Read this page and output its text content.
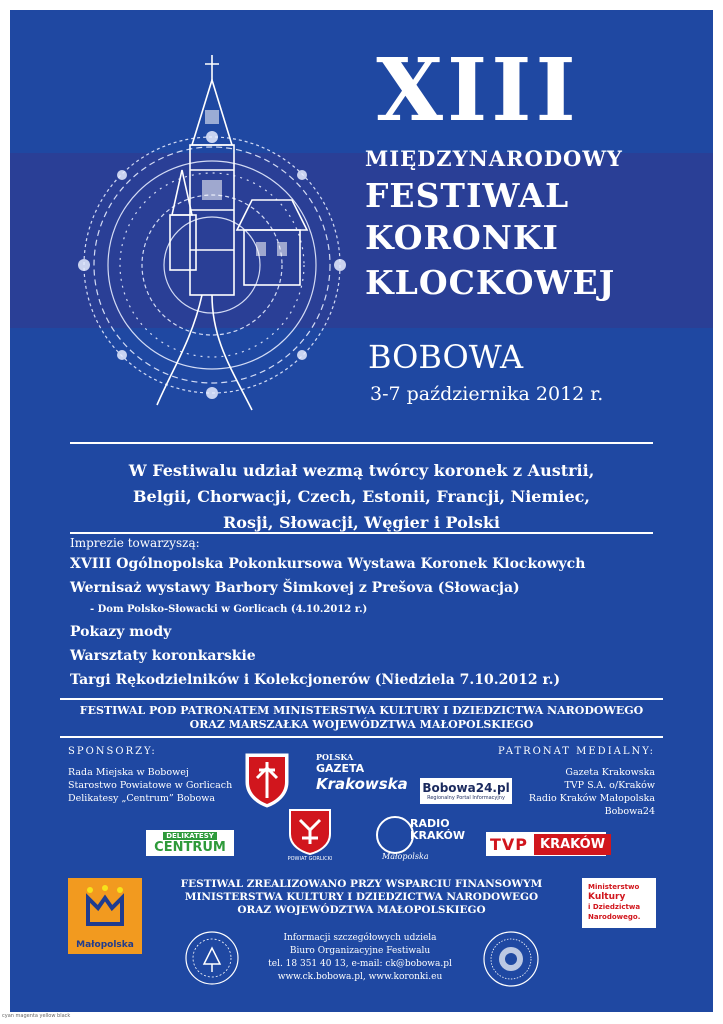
XIII
MIĘDZYNARODOWY
FESTIWAL
KORONKI
KLOCKOWEJ
BOBOWA
3-7 października 2012 r.
W Festiwalu udział wezmą twórcy koronek z Austrii,
Belgii, Chorwacji, Czech, Estonii, Francji, Niemiec,
Rosji, Słowacji, Węgier i Polski
Imprezie towarzyszą:
XVIII Ogólnopolska Pokonkursowa Wystawa Koronek Klockowych
Wernisaż wystawy Barbory Šimkovej z Prešova (Słowacja)
- Dom Polsko-Słowacki w Gorlicach (4.10.2012 r.)
Pokazy mody
Warsztaty koronkarskie
Targi Rękodzielników i Kolekcjonerów (Niedziela 7.10.2012 r.)
FESTIWAL POD PATRONATEM MINISTERSTWA KULTURY I DZIEDZICTWA NARODOWEGO
ORAZ MARSZAŁKA WOJEWÓDZTWA MAŁOPOLSKIEGO
SPONSORZY:
Rada Miejska w Bobowej
Starostwo Powiatowe w Gorlicach
Delikatesy „Centrum” Bobowa
PATRONAT MEDIALNY:
Gazeta Krakowska
TVP S.A. o/Kraków
Radio Kraków Małopolska
Bobowa24
POLSKA
GAZETA
Krakowska Bobowa24.pl
Regionalny Portal Informacyjny
DELIKATESY
CENTRUM
POWIAT GORLICKI
RADIO
KRAKÓW
Małopolska
TVP KRAKÓW
Małopolska
FESTIWAL ZREALIZOWANO PRZY WSPARCIU FINANSOWYM
MINISTERSTWA KULTURY I DZIEDZICTWA NARODOWEGO
ORAZ WOJEWÓDZTWA MAŁOPOLSKIEGO
Ministerstwo
Kultury
i Dziedzictwa
Narodowego.
Informacji szczegółowych udziela
Biuro Organizacyjne Festiwalu
tel. 18 351 40 13, e-mail: ck@bobowa.pl
www.ck.bobowa.pl, www.koronki.eu
cyan magenta yellow black
